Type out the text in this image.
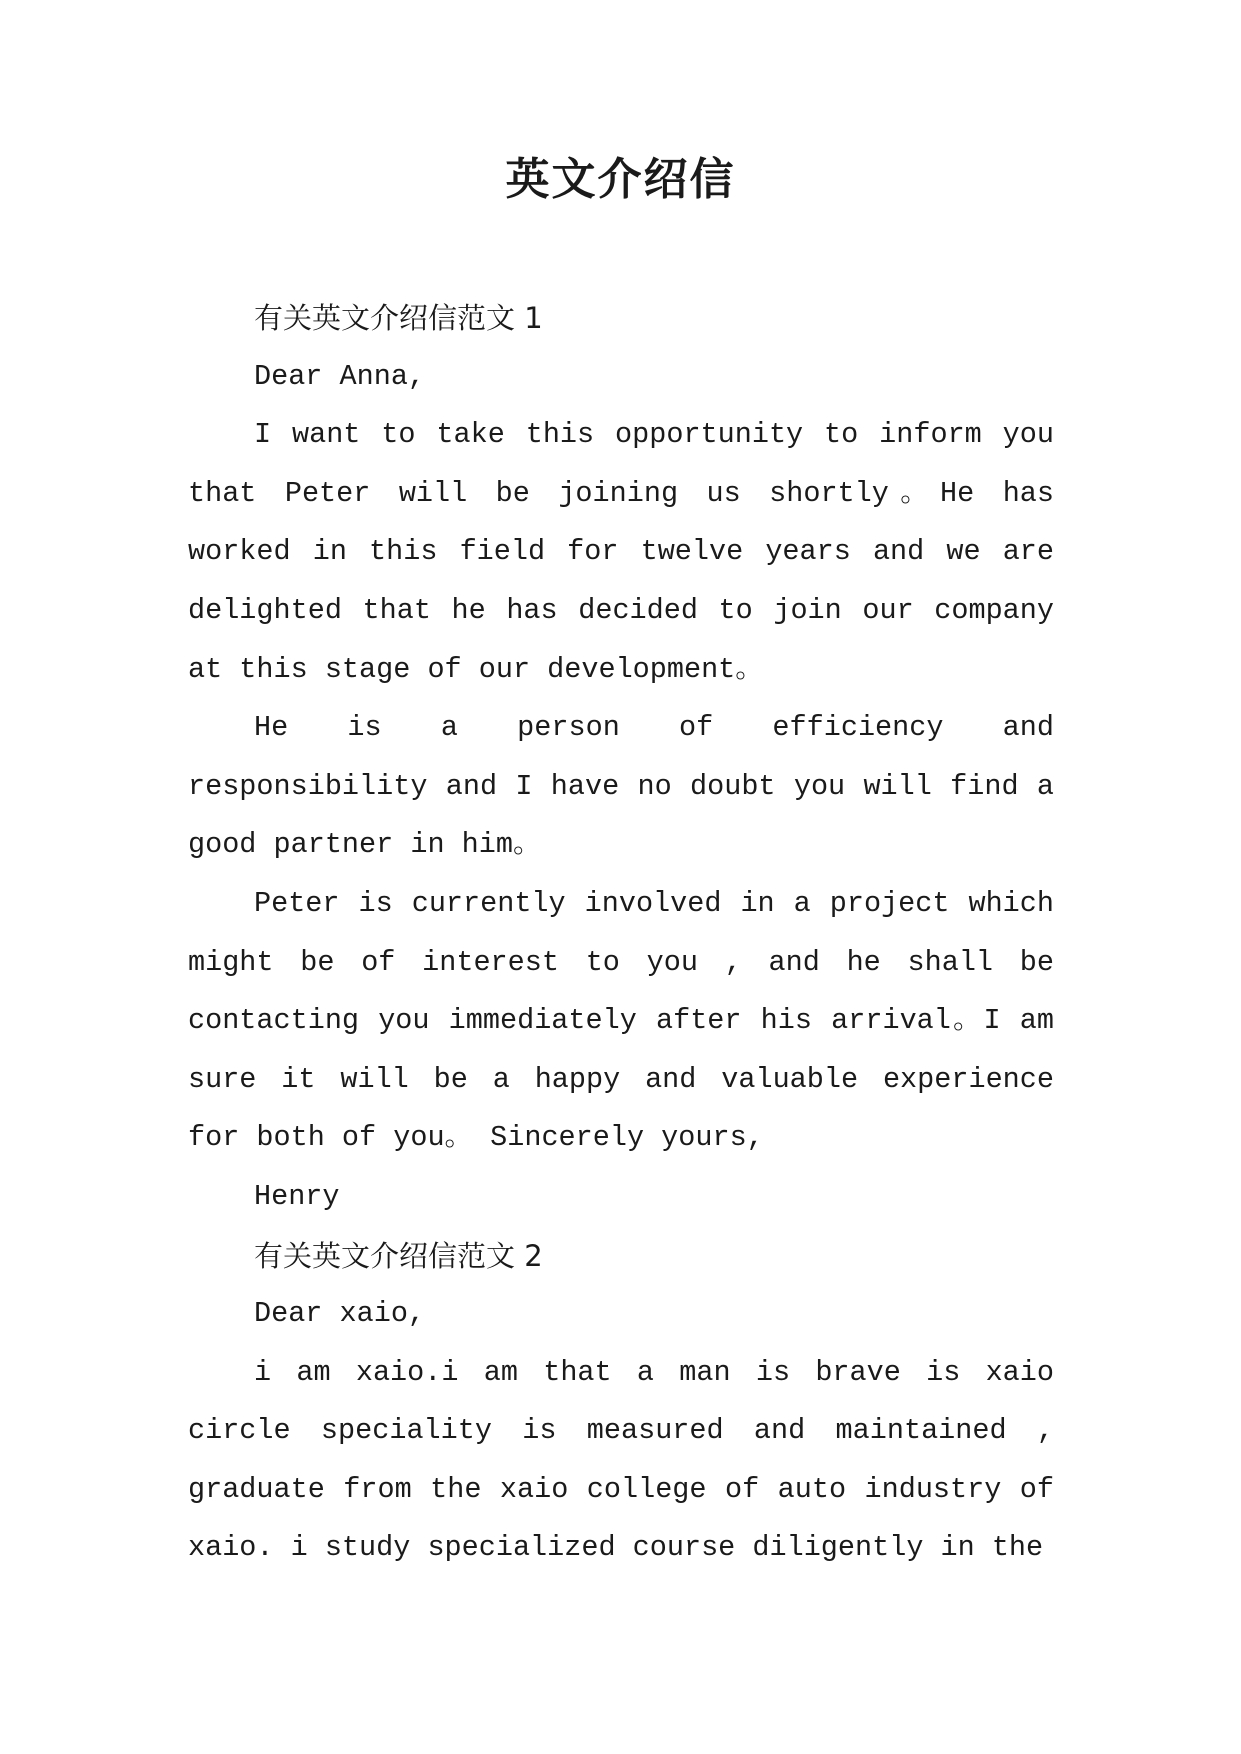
英文介绍信

有关英文介绍信范文 1

Dear Anna,

I want to take this opportunity to inform you that Peter will be joining us shortly。He has worked in this field for twelve years and we are delighted that he has decided to join our company at this stage of our development。

He is a person of efficiency and responsibility and I have no doubt you will find a good partner in him。

Peter is currently involved in a project which might be of interest to you , and he shall be contacting you immediately after his arrival。I am sure it will be a happy and valuable experience for both of you。 Sincerely yours,

Henry

有关英文介绍信范文 2

Dear xaio,

i am xaio.i am that a man is brave is xaio circle speciality is measured and maintained , graduate from the xaio college of auto industry of xaio. i study specialized course diligently in the
